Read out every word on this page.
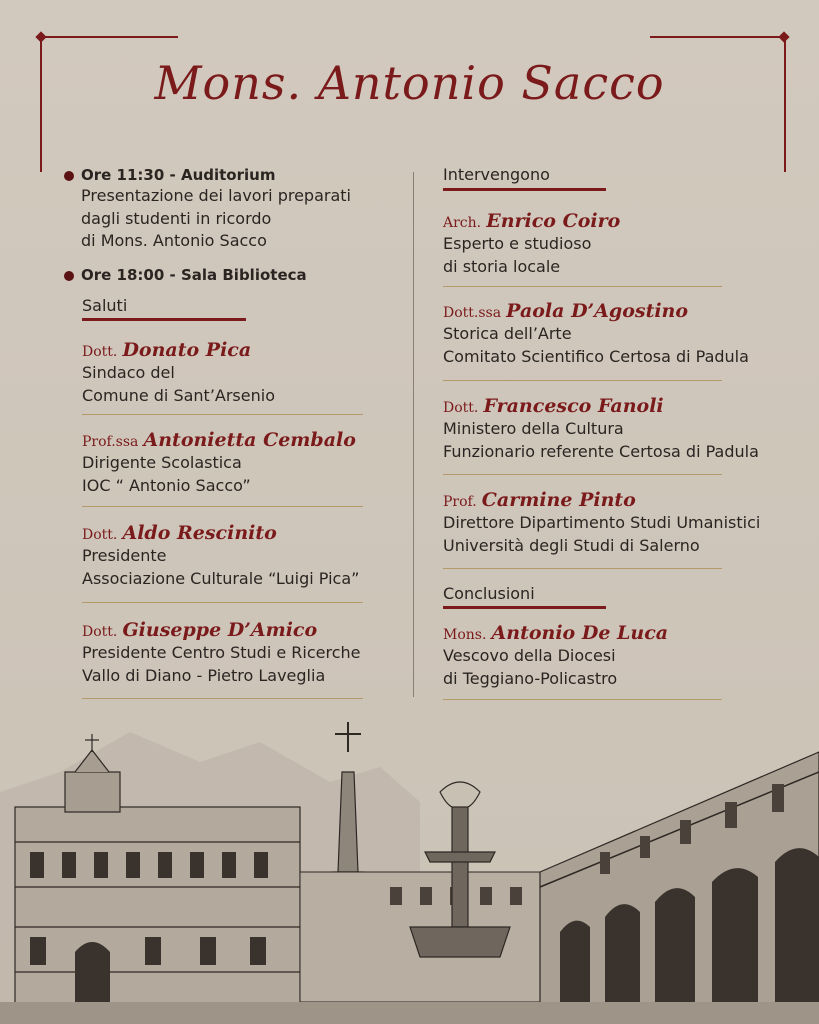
Mons. Antonio Sacco
Ore 11:30 - Auditorium
Presentazione dei lavori preparati
dagli studenti in ricordo
di Mons. Antonio Sacco
Ore 18:00 - Sala Biblioteca
Saluti
Dott. Donato Pica
Sindaco del
Comune di Sant’Arsenio
Prof.ssa Antonietta Cembalo
Dirigente Scolastica
IOC “ Antonio Sacco”
Dott. Aldo Rescinito
Presidente
Associazione Culturale “Luigi Pica”
Dott. Giuseppe D’Amico
Presidente Centro Studi e Ricerche
Vallo di Diano - Pietro Laveglia
Intervengono
Arch. Enrico Coiro
Esperto e studioso
di storia locale
Dott.ssa Paola D’Agostino
Storica dell’Arte
Comitato Scientifico Certosa di Padula
Dott. Francesco Fanoli
Ministero della Cultura
Funzionario referente Certosa di Padula
Prof. Carmine Pinto
Direttore Dipartimento Studi Umanistici
Università degli Studi di Salerno
Conclusioni
Mons. Antonio De Luca
Vescovo della Diocesi
di Teggiano-Policastro
